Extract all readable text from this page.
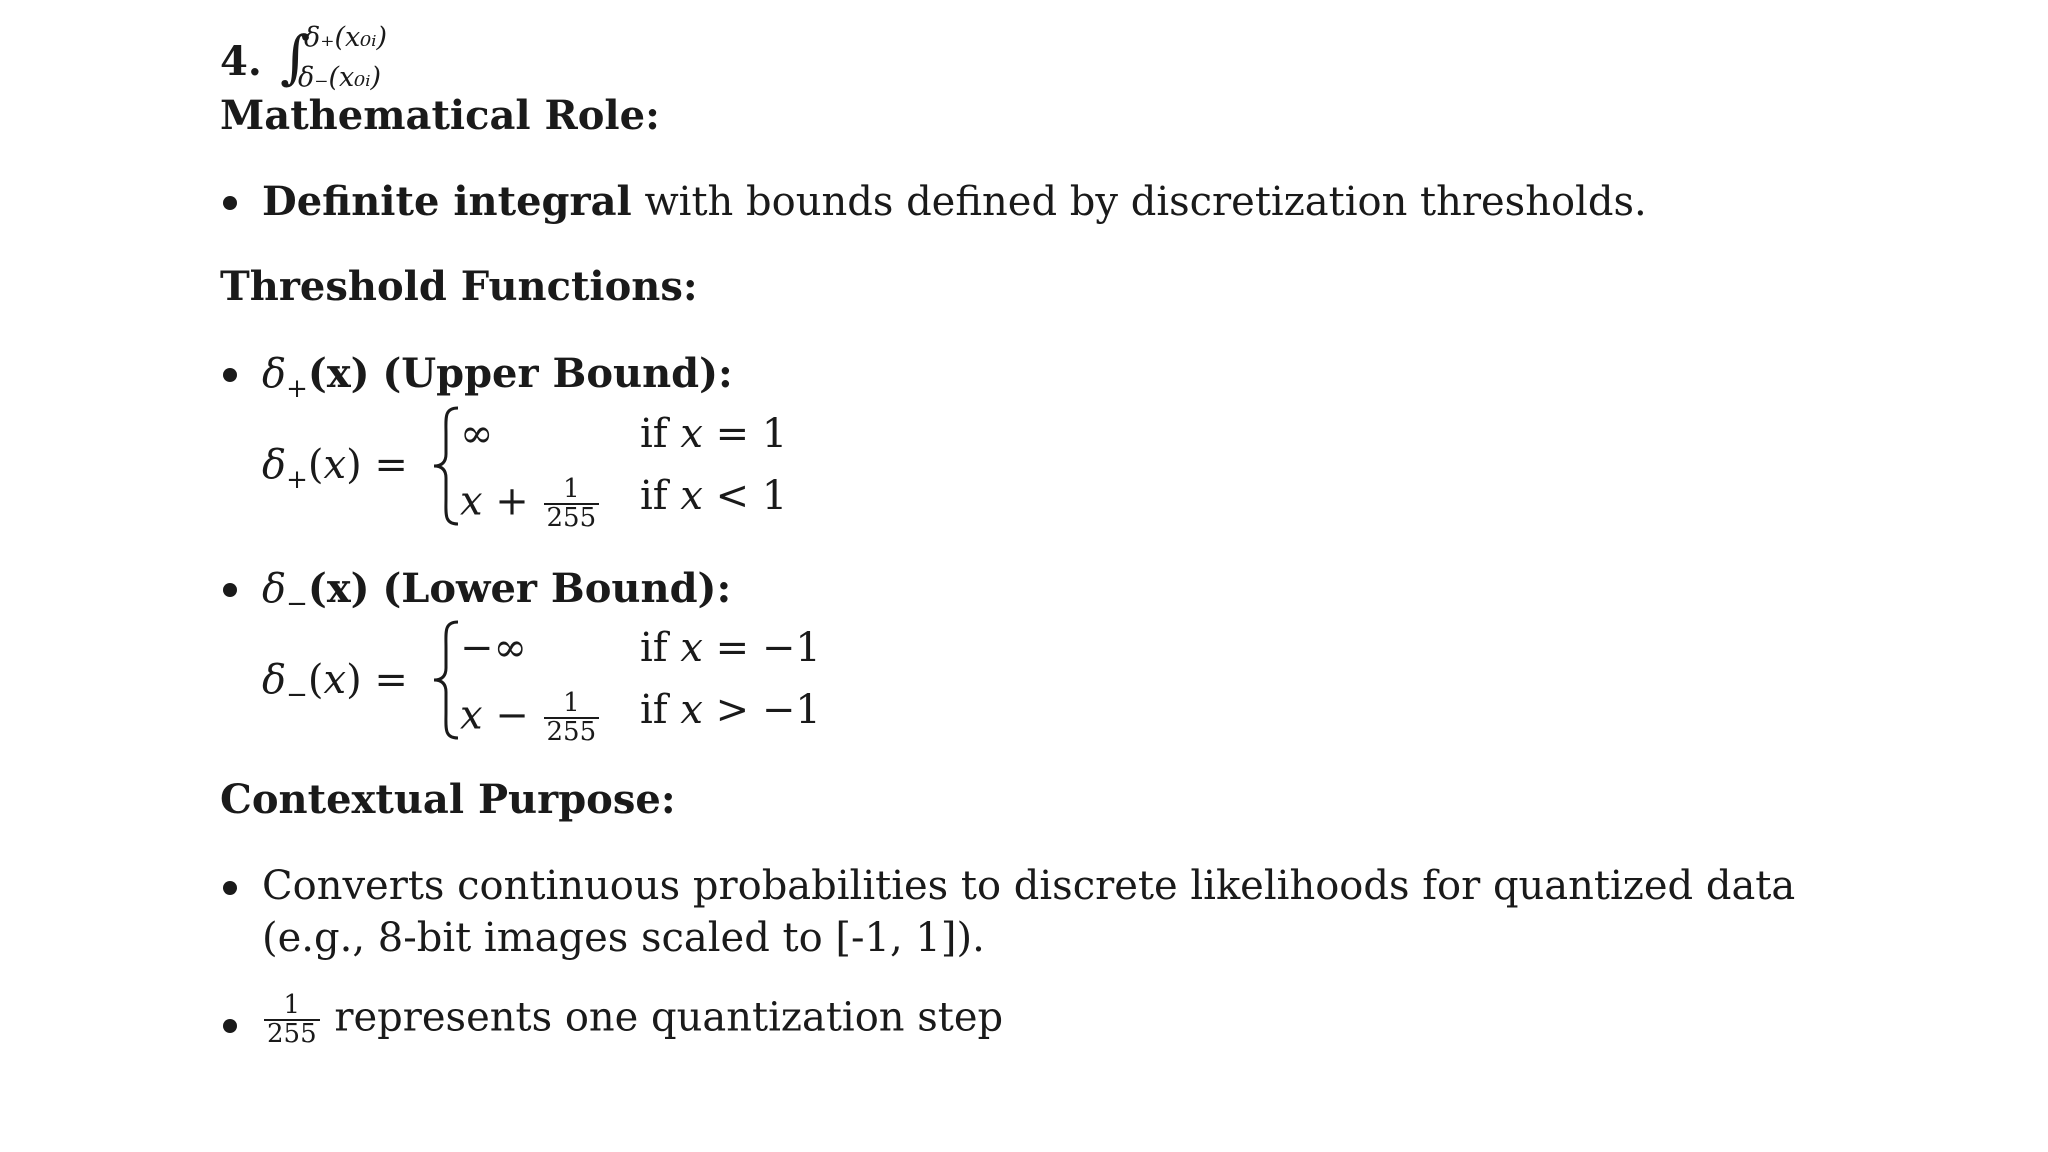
4. ∫
δ₊(x₀ᵢ)
δ₋(x₀ᵢ)
Mathematical Role:
Definite integral with bounds defined by discretization thresholds.
Threshold Functions:
$\delta_+(x)$ (Upper Bound):
$\delta_+(x)$ =
∞	if x = 1
$x + \frac{1}{255}$ if x < 1
$\delta_-(x)$ (Lower Bound):
$\delta_-(x)$ =
−∞	if x = −1
$x - \frac{1}{255}$ if x > −1
Contextual Purpose:
Converts continuous probabilities to discrete likelihoods for quantized data
(e.g., 8-bit images scaled to [-1, 1]).
$\frac{1}{255}$ represents one quantization step
